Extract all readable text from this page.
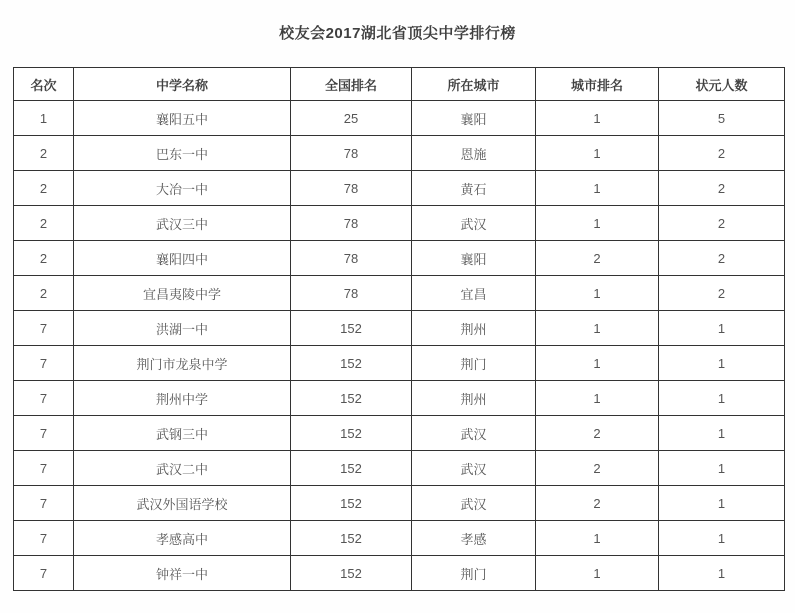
校友会2017湖北省顶尖中学排行榜
名次	中学名称	全国排名	所在城市	城市排名	状元人数
1	襄阳五中	25	襄阳	1	5
2	巴东一中	78	恩施	1	2
2	大冶一中	78	黄石	1	2
2	武汉三中	78	武汉	1	2
2	襄阳四中	78	襄阳	2	2
2	宜昌夷陵中学	78	宜昌	1	2
7	洪湖一中	152	荆州	1	1
7	荆门市龙泉中学	152	荆门	1	1
7	荆州中学	152	荆州	1	1
7	武钢三中	152	武汉	2	1
7	武汉二中	152	武汉	2	1
7	武汉外国语学校	152	武汉	2	1
7	孝感高中	152	孝感	1	1
7	钟祥一中	152	荆门	1	1
